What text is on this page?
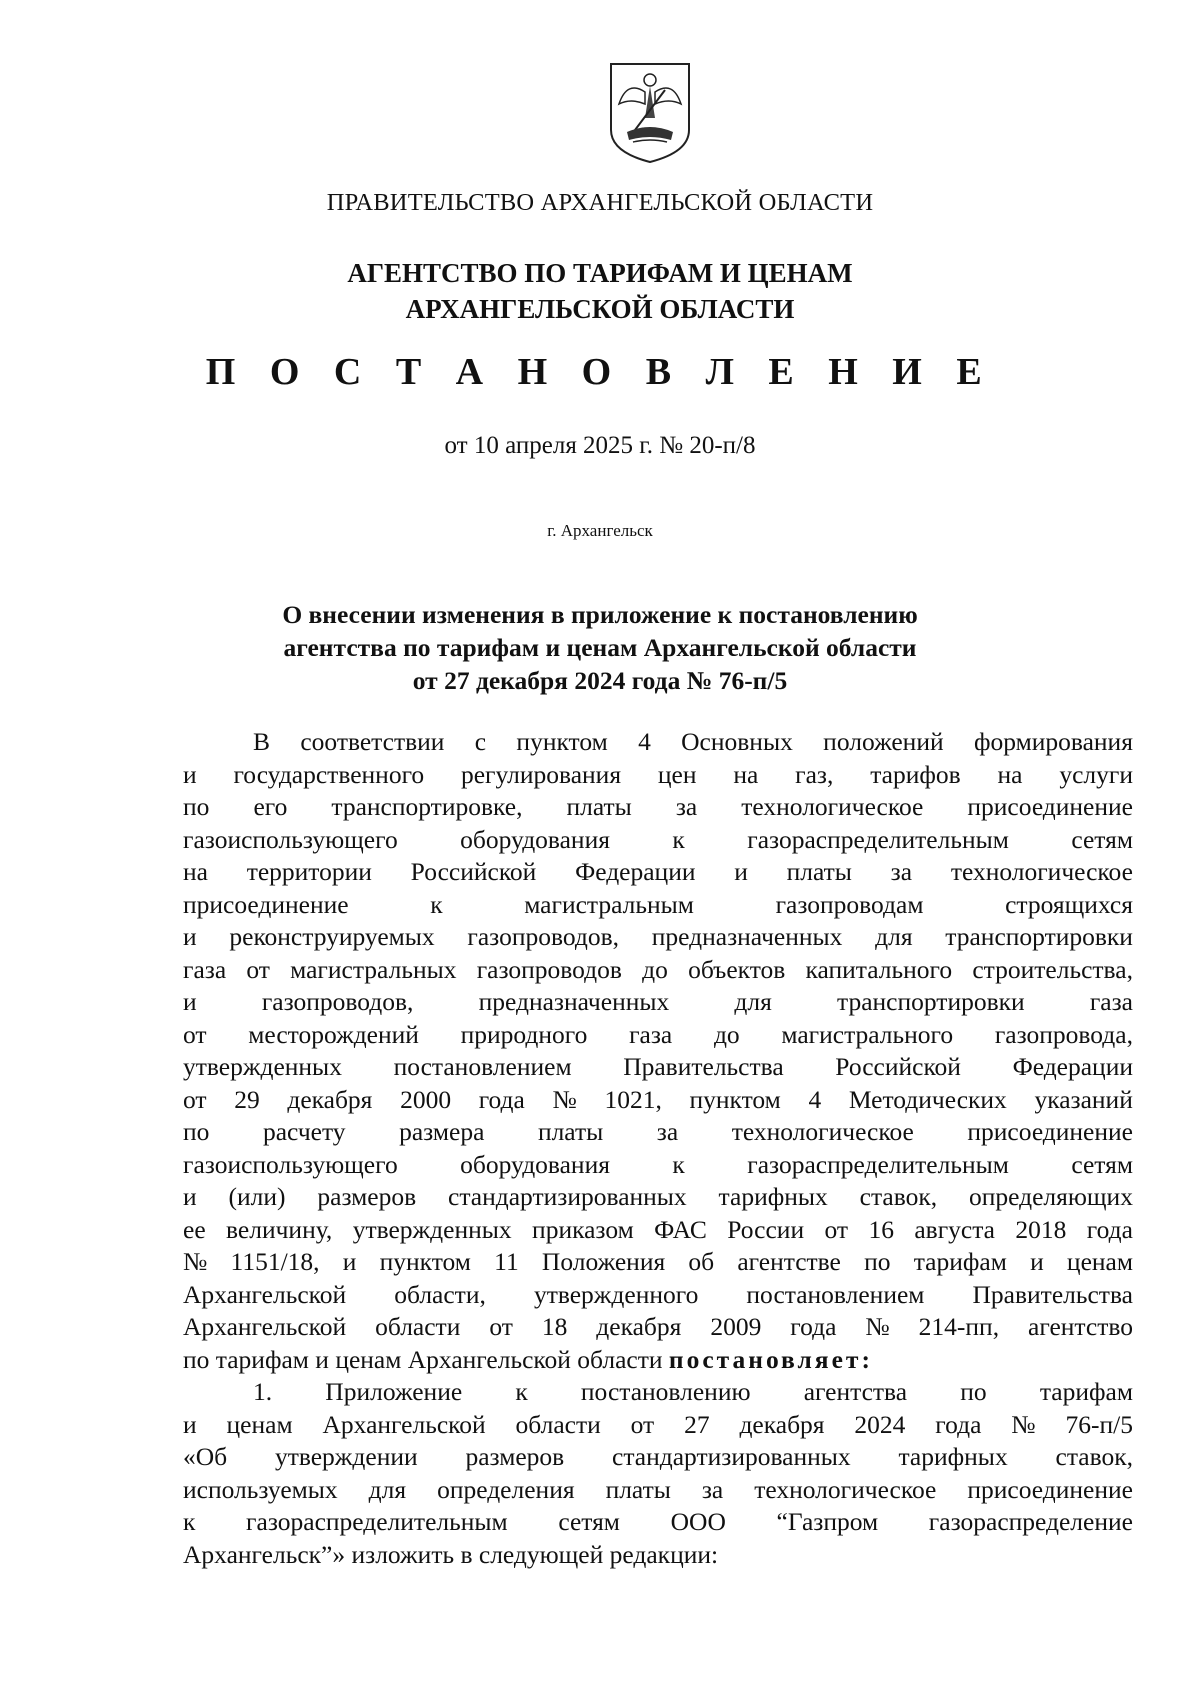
ПРАВИТЕЛЬСТВО АРХАНГЕЛЬСКОЙ ОБЛАСТИ
АГЕНТСТВО ПО ТАРИФАМ И ЦЕНАМ
АРХАНГЕЛЬСКОЙ ОБЛАСТИ
П О С Т А Н О В Л Е Н И Е
от 10 апреля 2025 г. № 20-п/8
г. Архангельск
О внесении изменения в приложение к постановлению
агентства по тарифам и ценам Архангельской области
от 27 декабря 2024 года № 76-п/5
В соответствии с пунктом 4 Основных положений формирования
и государственного регулирования цен на газ, тарифов на услуги
по его транспортировке, платы за технологическое присоединение
газоиспользующего оборудования к газораспределительным сетям
на территории Российской Федерации и платы за технологическое
присоединение	к	магистральным	газопроводам	строящихся
и реконструируемых газопроводов, предназначенных для транспортировки
газа от магистральных газопроводов до объектов капитального строительства,
и	газопроводов,	предназначенных	для	транспортировки	газа
от месторождений природного газа до магистрального газопровода,
утвержденных постановлением Правительства Российской Федерации
от 29 декабря 2000 года № 1021, пунктом 4 Методических указаний
по расчету размера платы за технологическое присоединение
газоиспользующего оборудования к газораспределительным сетям
и (или) размеров стандартизированных тарифных ставок, определяющих
ее величину, утвержденных приказом ФАС России от 16 августа 2018 года
№ 1151/18, и пунктом 11 Положения об агентстве по тарифам и ценам
Архангельской области, утвержденного постановлением Правительства
Архангельской области от 18 декабря 2009 года № 214-пп, агентство
по тарифам и ценам Архангельской области постановляет:
1. Приложение к постановлению агентства по тарифам
и ценам Архангельской области от 27 декабря 2024 года № 76-п/5
«Об утверждении размеров стандартизированных тарифных ставок,
используемых для определения платы за технологическое присоединение
к газораспределительным сетям ООО “Газпром газораспределение
Архангельск”» изложить в следующей редакции:
